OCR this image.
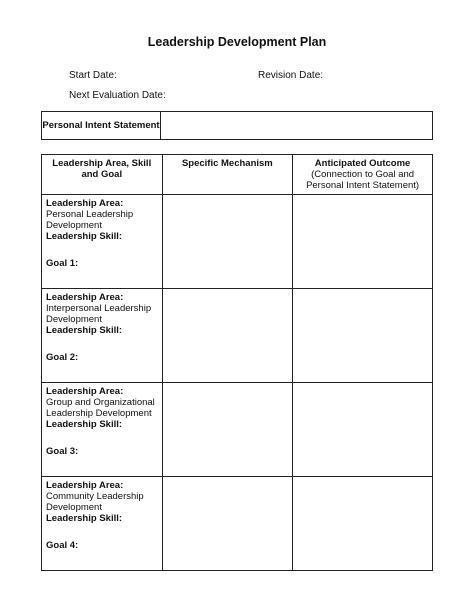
Leadership Development Plan
Start Date:	Revision Date:
Next Evaluation Date:
Personal Intent Statement	
Leadership Area, Skill and Goal	Specific Mechanism	Anticipated Outcome
(Connection to Goal and Personal Intent Statement)

Leadership Area:
Personal Leadership Development
Leadership Skill:
Goal 1:		

Leadership Area:
Interpersonal Leadership Development
Leadership Skill:
Goal 2:		

Leadership Area:
Group and Organizational Leadership Development
Leadership Skill:
Goal 3:		

Leadership Area:
Community Leadership Development
Leadership Skill:
Goal 4:		
